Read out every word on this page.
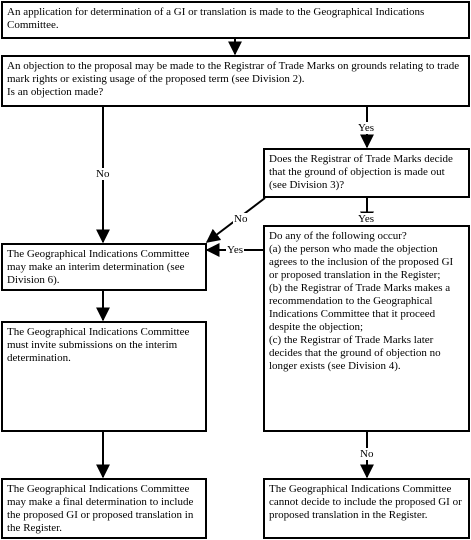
An application for determination of a GI or translation is made to the Geographical Indications Committee.

An objection to the proposal may be made to the Registrar of Trade Marks on grounds relating to trade mark rights or existing usage of the proposed term (see Division 2).

Is an objection made?

Does the Registrar of Trade Marks decide that the ground of objection is made out (see Division 3)?

The Geographical Indications Committee may make an interim determination (see Division 6).

Do any of the following occur?

(a) the person who made the objection agrees to the inclusion of the proposed GI or proposed translation in the Register;

(b) the Registrar of Trade Marks makes a recommendation to the Geographical Indications Committee that it proceed despite the objection;

(c) the Registrar of Trade Marks later decides that the ground of objection no longer exists (see Division 4).

The Geographical Indications Committee must invite submissions on the interim determination.

The Geographical Indications Committee may make a final determination to include the proposed GI or proposed translation in the Register.

The Geographical Indications Committee cannot decide to include the proposed GI or proposed translation in the Register.

Yes
No
Yes
No
Yes
No
